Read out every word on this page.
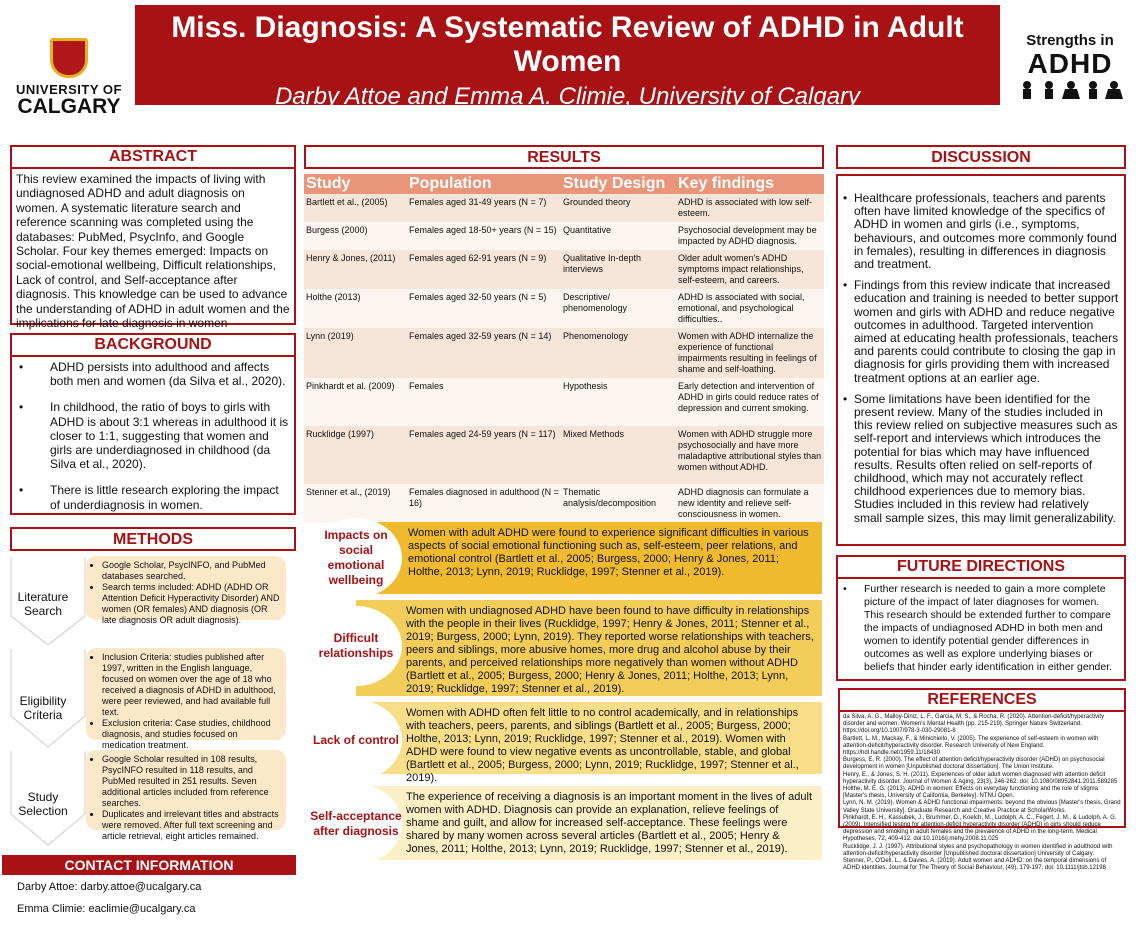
Miss. Diagnosis: A Systematic Review of ADHD in Adult Women
Darby Attoe and Emma A. Climie, University of Calgary
UNIVERSITY OF
CALGARY
Strengths in
ADHD
ABSTRACT
This review examined the impacts of living with undiagnosed ADHD and adult diagnosis on women. A systematic literature search and reference scanning was completed using the databases: PubMed, PsycInfo, and Google Scholar. Four key themes emerged: Impacts on social-emotional wellbeing, Difficult relationships, Lack of control, and Self-acceptance after diagnosis. This knowledge can be used to advance the understanding of ADHD in adult women and the implications for late diagnosis in women
BACKGROUND
• ADHD persists into adulthood and affects both men and women (da Silva et al., 2020).
• In childhood, the ratio of boys to girls with ADHD is about 3:1 whereas in adulthood it is closer to 1:1, suggesting that women and girls are underdiagnosed in childhood (da Silva et al., 2020).
• There is little research exploring the impact of underdiagnosis in women.
METHODS
Literature Search
• Google Scholar, PsycINFO, and PubMed databases searched.
• Search terms included: ADHD (ADHD OR Attention Deficit Hyperactivity Disorder) AND women (OR females) AND diagnosis (OR late diagnosis OR adult diagnosis).
Eligibility Criteria
• Inclusion Criteria: studies published after 1997, written in the English language, focused on women over the age of 18 who received a diagnosis of ADHD in adulthood, were peer reviewed, and had available full text.
• Exclusion criteria: Case studies, childhood diagnosis, and studies focused on medication treatment.
Study Selection
• Google Scholar resulted in 108 results, PsycINFO resulted in 118 results, and PubMed resulted in 251 results. Seven additional articles included from reference searches.
• Duplicates and irrelevant titles and abstracts were removed. After full text screening and article retrieval, eight articles remained.
CONTACT INFORMATION
Darby Attoe: darby.attoe@ucalgary.ca
Emma Climie: eaclimie@ucalgary.ca
RESULTS
Study	Population	Study Design	Key findings
Bartlett et al., (2005)	Females aged 31-49 years (N = 7)	Grounded theory	ADHD is associated with low self-esteem.
Burgess (2000)	Females aged 18-50+ years (N = 15)	Quantitative	Psychosocial development may be impacted by ADHD diagnosis.
Henry & Jones, (2011)	Females aged 62-91 years (N = 9)	Qualitative In-depth interviews	Older adult women's ADHD symptoms impact relationships, self-esteem, and careers.
Holthe (2013)	Females aged 32-50 years (N = 5)	Descriptive/ phenomenology	ADHD is associated with social, emotional, and psychological difficulties..
Lynn (2019)	Females aged 32-59 years (N = 14)	Phenomenology	Women with ADHD internalize the experience of functional impairments resulting in feelings of shame and self-loathing.
Pinkhardt et al. (2009)	Females	Hypothesis	Early detection and intervention of ADHD in girls could reduce rates of depression and current smoking.
Rucklidge (1997)	Females aged 24-59 years (N = 117)	Mixed Methods	Women with ADHD struggle more psychosocially and have more maladaptive attributional styles than women without ADHD.
Stenner et al., (2019)	Females diagnosed in adulthood (N = 16)	Thematic analysis/decomposition	ADHD diagnosis can formulate a new identity and relieve self-consciousness in women.
Women with adult ADHD were found to experience significant difficulties in various aspects of social emotional functioning such as, self-esteem, peer relations, and emotional control (Bartlett et al., 2005; Burgess, 2000; Henry & Jones, 2011; Holthe, 2013; Lynn, 2019; Rucklidge, 1997; Stenner et al., 2019).
Impacts on social emotional wellbeing
Women with undiagnosed ADHD have been found to have difficulty in relationships with the people in their lives (Rucklidge, 1997; Henry & Jones, 2011; Stenner et al., 2019; Burgess, 2000; Lynn, 2019). They reported worse relationships with teachers, peers and siblings, more abusive homes, more drug and alcohol abuse by their parents, and perceived relationships more negatively than women without ADHD (Bartlett et al., 2005; Burgess, 2000; Henry & Jones, 2011; Holthe, 2013; Lynn, 2019; Rucklidge, 1997; Stenner et al., 2019).
Difficult relationships
Women with ADHD often felt little to no control academically, and in relationships with teachers, peers, parents, and siblings (Bartlett et al., 2005; Burgess, 2000; Holthe, 2013; Lynn, 2019; Rucklidge, 1997; Stenner et al., 2019). Women with ADHD were found to view negative events as uncontrollable, stable, and global (Bartlett et al., 2005; Burgess, 2000; Lynn, 2019; Rucklidge, 1997; Stenner et al., 2019).
Lack of control
The experience of receiving a diagnosis is an important moment in the lives of adult women with ADHD. Diagnosis can provide an explanation, relieve feelings of shame and guilt, and allow for increased self-acceptance. These feelings were shared by many women across several articles (Bartlett et al., 2005; Henry & Jones, 2011; Holthe, 2013; Lynn, 2019; Rucklidge, 1997; Stenner et al., 2019).
Self-acceptance after diagnosis
DISCUSSION
• Healthcare professionals, teachers and parents often have limited knowledge of the specifics of ADHD in women and girls (i.e., symptoms, behaviours, and outcomes more commonly found in females), resulting in differences in diagnosis and treatment.
• Findings from this review indicate that increased education and training is needed to better support women and girls with ADHD and reduce negative outcomes in adulthood. Targeted intervention aimed at educating health professionals, teachers and parents could contribute to closing the gap in diagnosis for girls providing them with increased treatment options at an earlier age.
• Some limitations have been identified for the present review. Many of the studies included in this review relied on subjective measures such as self-report and interviews which introduces the potential for bias which may have influenced results. Results often relied on self-reports of childhood, which may not accurately reflect childhood experiences due to memory bias. Studies included in this review had relatively small sample sizes, this may limit generalizability.
FUTURE DIRECTIONS
• Further research is needed to gain a more complete picture of the impact of later diagnoses for women. This research should be extended further to compare the impacts of undiagnosed ADHD in both men and women to identify potential gender differences in outcomes as well as explore underlying biases or beliefs that hinder early identification in either gender.
REFERENCES
da Silva, A. G., Malloy-Diniz, L. F., Garcia, M. S., & Rocha, R. (2020). Attention-deficit/hyperactivity disorder and women. Women's Mental Health (pp. 215-219). Springer Nature Switzerland. https://doi.org/10.1007/978-3-030-29081-8
Bartlett, L. M., Mackay, F., & Minichiello, V. (2005). The experience of self-esteem in women with attention-deficit/hyperactivity disorder. Research University of New England. https://hdl.handle.net/1959.11/18430
Burgess, E. R. (2000). The effect of attention deficit/hyperactivity disorder (ADHD) on psychosocial development in women [Unpublished doctoral dissertation]. The Union Institute.
Henry, E., & Jones, S. H. (2011). Experiences of older adult women diagnosed with attention deficit hyperactivity disorder. Journal of Women & Aging, 23(3), 246-262. doi: 10.1080/08952841.2011.589285
Holthe, M. E. G. (2013). ADHD in women: Effects on everyday functioning and the role of stigma [Master's thesis, University of California, Berkeley]. NTNU Open.
Lynn, N. M. (2019). Women & ADHD functional impairments: beyond the obvious [Master's thesis, Grand Valley State University]. Graduate Research and Creative Practice at ScholarWorks.
Pinkhardt, E. H., Kassubek, J., Brummer, D., Koelch, M., Ludolph, A. C., Fegert, J. M., & Ludolph, A. G. (2009). Intensified testing for attention-deficit hyperactivity disorder (ADHD) in girls should reduce depression and smoking in adult females and the prevalence of ADHD in the long-term. Medical Hypotheses, 72, 409-412. doi:10.1016/j.mehy.2008.11.025
Rucklidge, J. J. (1997). Attributional styles and psychopathology in women identified in adulthood with attention-deficit/hyperactivity disorder [Unpublished doctoral dissertation] University of Calgary.
Stenner, P., O'Dell, L., & Davies, A. (2019). Adult women and ADHD: on the temporal dimensions of ADHD identities. Journal for The Theory of Social Behaviour, (49), 179-197. doi: 10.1111/jtsb.12198
